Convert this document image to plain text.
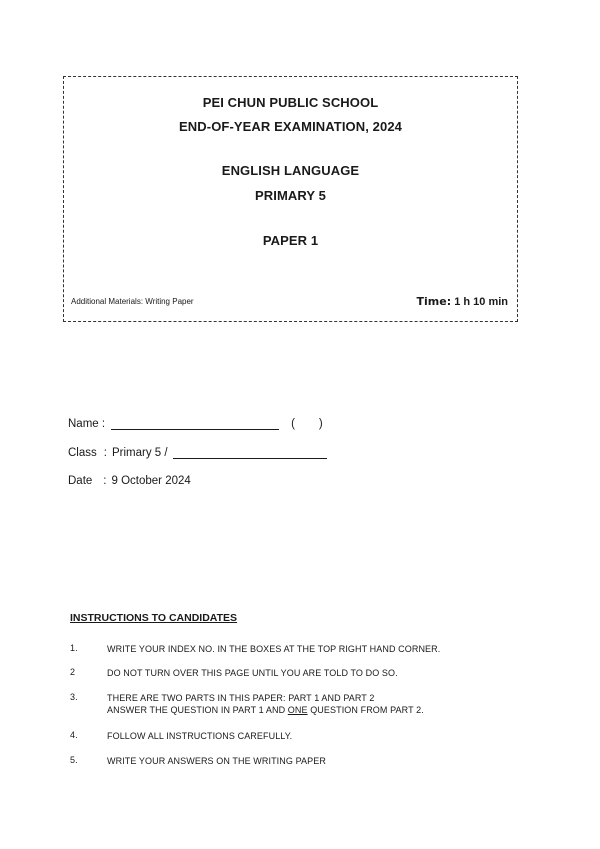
PEI CHUN PUBLIC SCHOOL
END-OF-YEAR EXAMINATION, 2024
ENGLISH LANGUAGE
PRIMARY 5
PAPER 1
Additional Materials: Writing Paper	Time: 1 h 10 min
Name :	( )
Class : Primary 5 /
Date : 9 October 2024
INSTRUCTIONS TO CANDIDATES
1.	WRITE YOUR INDEX NO. IN THE BOXES AT THE TOP RIGHT HAND CORNER.
2	DO NOT TURN OVER THIS PAGE UNTIL YOU ARE TOLD TO DO SO.
3.	THERE ARE TWO PARTS IN THIS PAPER: PART 1 AND PART 2
ANSWER THE QUESTION IN PART 1 AND ONE QUESTION FROM PART 2.
4.	FOLLOW ALL INSTRUCTIONS CAREFULLY.
5.	WRITE YOUR ANSWERS ON THE WRITING PAPER
